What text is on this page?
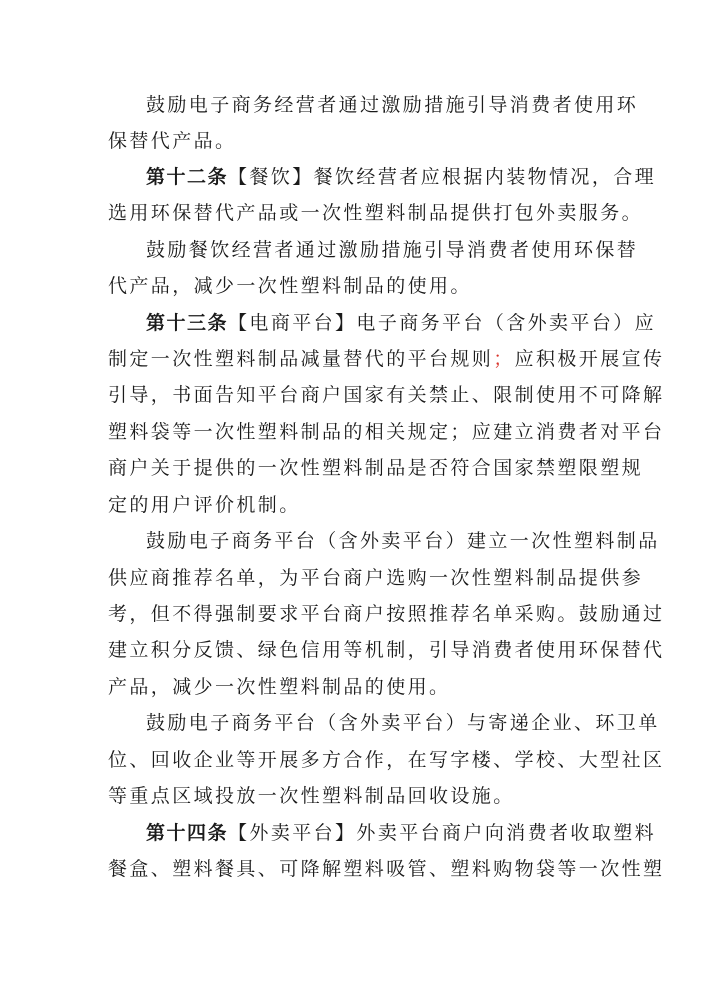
鼓励电子商务经营者通过激励措施引导消费者使用环
保替代产品。
第十二条【餐饮】餐饮经营者应根据内装物情况，合理
选用环保替代产品或一次性塑料制品提供打包外卖服务。
鼓励餐饮经营者通过激励措施引导消费者使用环保替
代产品，减少一次性塑料制品的使用。
第十三条【电商平台】电子商务平台（含外卖平台）应
制定一次性塑料制品减量替代的平台规则；应积极开展宣传
引导，书面告知平台商户国家有关禁止、限制使用不可降解
塑料袋等一次性塑料制品的相关规定；应建立消费者对平台
商户关于提供的一次性塑料制品是否符合国家禁塑限塑规
定的用户评价机制。
鼓励电子商务平台（含外卖平台）建立一次性塑料制品
供应商推荐名单，为平台商户选购一次性塑料制品提供参
考，但不得强制要求平台商户按照推荐名单采购。鼓励通过
建立积分反馈、绿色信用等机制，引导消费者使用环保替代
产品，减少一次性塑料制品的使用。
鼓励电子商务平台（含外卖平台）与寄递企业、环卫单
位、回收企业等开展多方合作，在写字楼、学校、大型社区
等重点区域投放一次性塑料制品回收设施。
第十四条【外卖平台】外卖平台商户向消费者收取塑料
餐盒、塑料餐具、可降解塑料吸管、塑料购物袋等一次性塑
